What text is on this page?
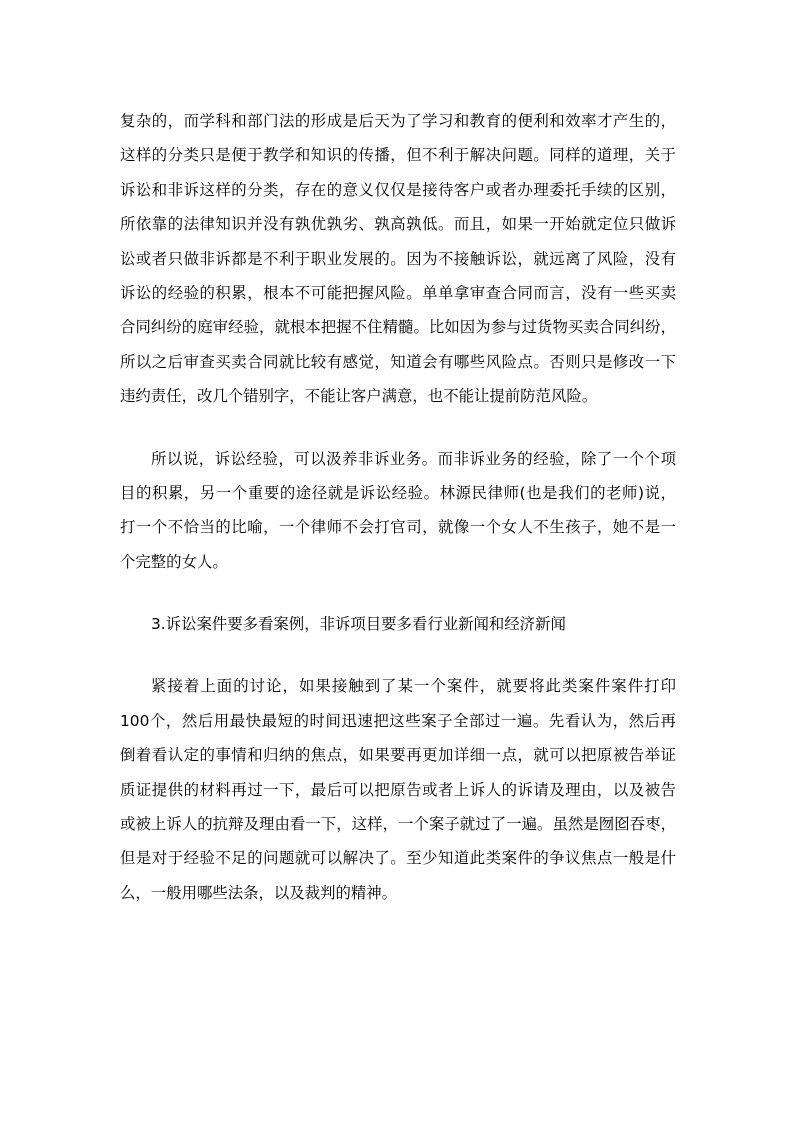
复杂的，而学科和部门法的形成是后天为了学习和教育的便利和效率才产生的，
这样的分类只是便于教学和知识的传播，但不利于解决问题。同样的道理，关于
诉讼和非诉这样的分类，存在的意义仅仅是接待客户或者办理委托手续的区别，
所依靠的法律知识并没有孰优孰劣、孰高孰低。而且，如果一开始就定位只做诉
讼或者只做非诉都是不利于职业发展的。因为不接触诉讼，就远离了风险，没有
诉讼的经验的积累，根本不可能把握风险。单单拿审查合同而言，没有一些买卖
合同纠纷的庭审经验，就根本把握不住精髓。比如因为参与过货物买卖合同纠纷，
所以之后审查买卖合同就比较有感觉，知道会有哪些风险点。否则只是修改一下
违约责任，改几个错别字，不能让客户满意，也不能让提前防范风险。
所以说，诉讼经验，可以汲养非诉业务。而非诉业务的经验，除了一个个项
目的积累，另一个重要的途径就是诉讼经验。林源民律师(也是我们的老师)说，
打一个不恰当的比喻，一个律师不会打官司，就像一个女人不生孩子，她不是一
个完整的女人。
3.诉讼案件要多看案例，非诉项目要多看行业新闻和经济新闻
紧接着上面的讨论，如果接触到了某一个案件，就要将此类案件案件打印
100个，然后用最快最短的时间迅速把这些案子全部过一遍。先看认为，然后再
倒着看认定的事情和归纳的焦点，如果要再更加详细一点，就可以把原被告举证
质证提供的材料再过一下，最后可以把原告或者上诉人的诉请及理由，以及被告
或被上诉人的抗辩及理由看一下，这样，一个案子就过了一遍。虽然是囫囵吞枣，
但是对于经验不足的问题就可以解决了。至少知道此类案件的争议焦点一般是什
么，一般用哪些法条，以及裁判的精神。
